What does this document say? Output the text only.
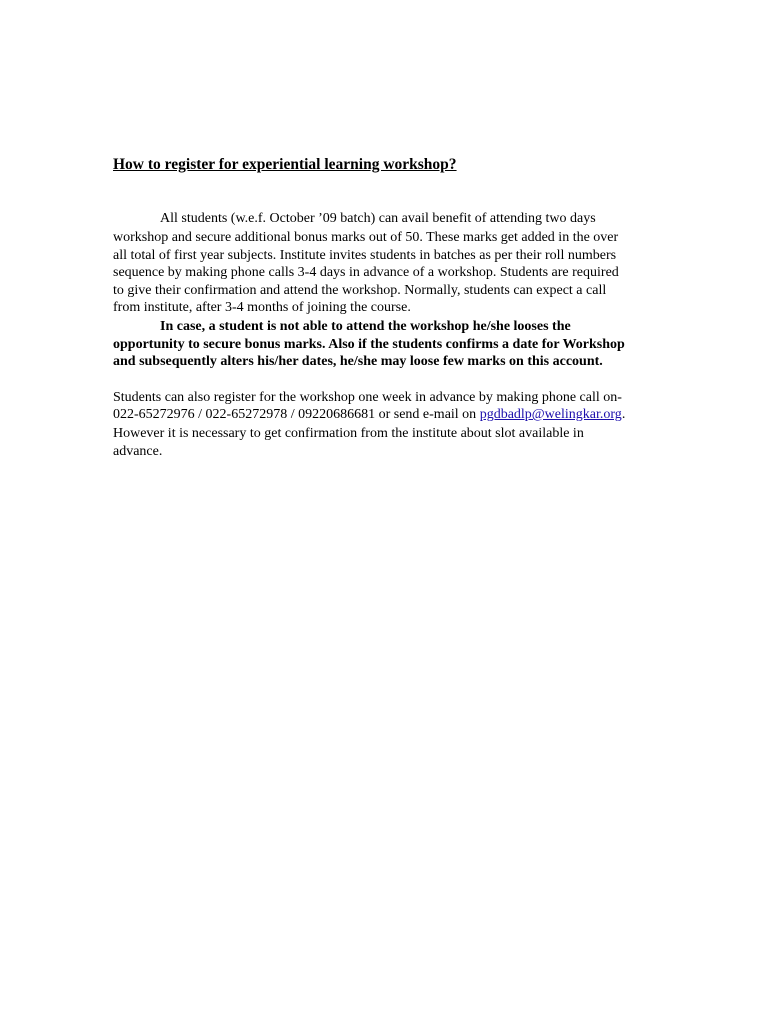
How to register for experiential learning workshop?

All students (w.e.f. October ’09 batch) can avail benefit of attending two days

workshop and secure additional bonus marks out of 50. These marks get added in the over

all total of first year subjects. Institute invites students in batches as per their roll numbers

sequence by making phone calls 3-4 days in advance of a workshop. Students are required

to give their confirmation and attend the workshop. Normally, students can expect a call

from institute, after 3-4 months of joining the course.

In case, a student is not able to attend the workshop he/she looses the

opportunity to secure bonus marks. Also if the students confirms a date for Workshop

and subsequently alters his/her dates, he/she may loose few marks on this account.

Students can also register for the workshop one week in advance by making phone call on-

022-65272976 / 022-65272978 / 09220686681 or send e-mail on pgdbadlp@welingkar.org.

However it is necessary to get confirmation from the institute about slot available in

advance.
